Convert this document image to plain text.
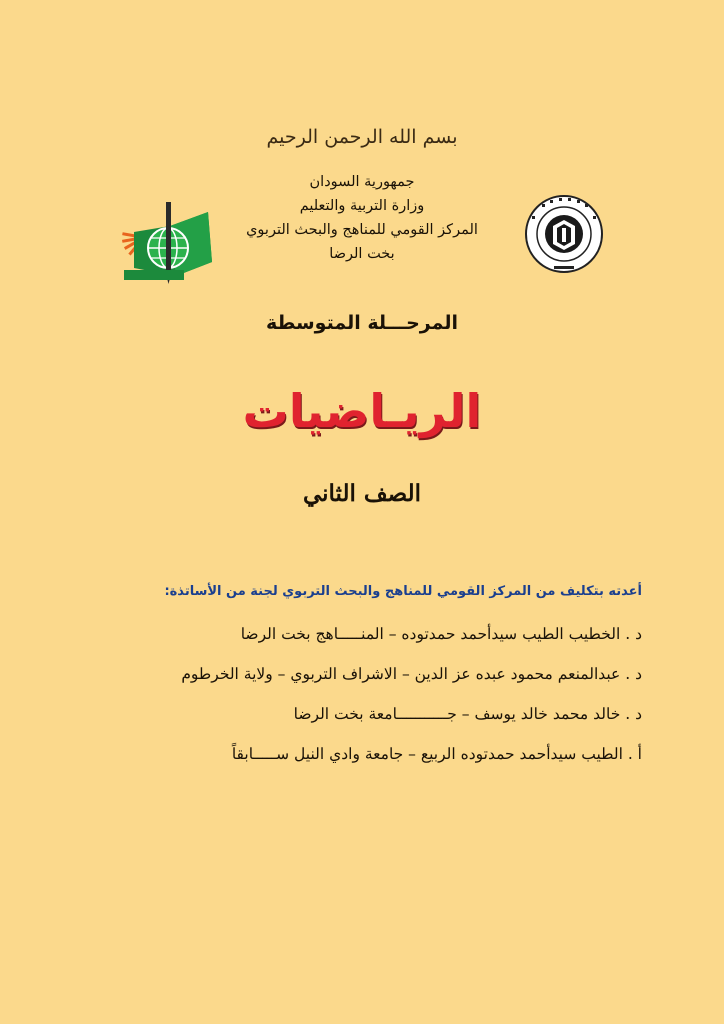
بسم الله الرحمن الرحيم
جمهورية السودان
وزارة التربية والتعليم
المركز القومي للمناهج والبحث التربوي
بخت الرضا
المرحـــلة المتوسطة
الريـاضيات
الصف الثاني
أعدته بتكليف من المركز القومي للمناهج والبحث التربوي لجنة من الأساتذة:
د . الخطيب الطيب سيدأحمد حمدتوده – المنـــــاهج بخت الرضا
د . عبدالمنعم محمود عبده عز الدين – الاشراف التربوي – ولاية الخرطوم
د . خالد محمد خالد يوسف – جـــــــــــامعة بخت الرضا
أ . الطيب سيدأحمد حمدتوده الربيع – جامعة وادي النيل ســـــابقاً
